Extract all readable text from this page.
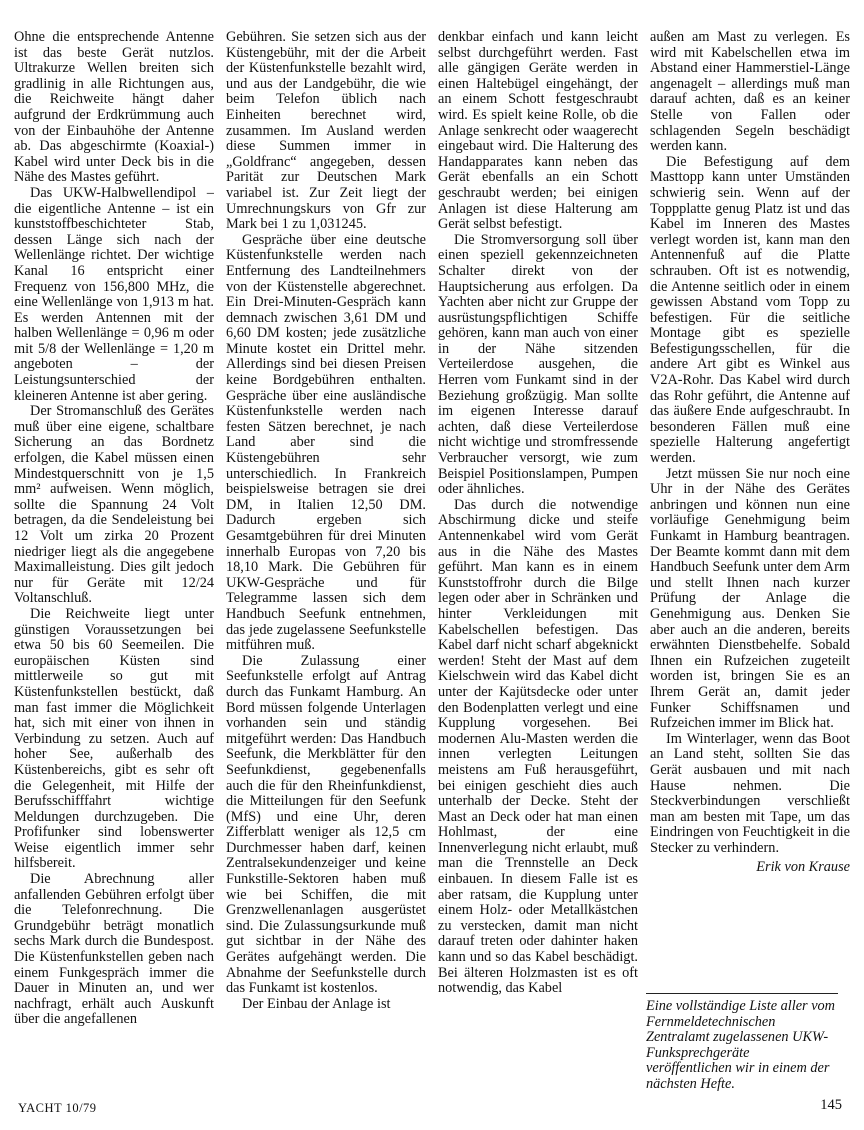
Ohne die entsprechende Antenne ist das beste Gerät nutzlos. Ultrakurze Wellen breiten sich gradlinig in alle Richtungen aus, die Reichweite hängt daher aufgrund der Erdkrümmung auch von der Einbauhöhe der Antenne ab. Das abgeschirmte (Koaxial-) Kabel wird unter Deck bis in die Nähe des Mastes geführt.

Das UKW-Halbwellendipol – die eigentliche Antenne – ist ein kunststoffbeschichteter Stab, dessen Länge sich nach der Wellenlänge richtet. Der wichtige Kanal 16 entspricht einer Frequenz von 156,800 MHz, die eine Wellenlänge von 1,913 m hat. Es werden Antennen mit der halben Wellenlänge = 0,96 m oder mit 5/8 der Wellenlänge = 1,20 m angeboten – der Leistungsunterschied der kleineren Antenne ist aber gering.

Der Stromanschluß des Gerätes muß über eine eigene, schaltbare Sicherung an das Bordnetz erfolgen, die Kabel müssen einen Mindestquerschnitt von je 1,5 mm² aufweisen. Wenn möglich, sollte die Spannung 24 Volt betragen, da die Sendeleistung bei 12 Volt um zirka 20 Prozent niedriger liegt als die angegebene Maximalleistung. Dies gilt jedoch nur für Geräte mit 12/24 Voltanschluß.

Die Reichweite liegt unter günstigen Voraussetzungen bei etwa 50 bis 60 Seemeilen. Die europäischen Küsten sind mittlerweile so gut mit Küstenfunkstellen bestückt, daß man fast immer die Möglichkeit hat, sich mit einer von ihnen in Verbindung zu setzen. Auch auf hoher See, außerhalb des Küstenbereichs, gibt es sehr oft die Gelegenheit, mit Hilfe der Berufsschifffahrt wichtige Meldungen durchzugeben. Die Profifunker sind lobenswerter Weise eigentlich immer sehr hilfsbereit.

Die Abrechnung aller anfallenden Gebühren erfolgt über die Telefonrechnung. Die Grundgebühr beträgt monatlich sechs Mark durch die Bundespost. Die Küstenfunkstellen geben nach einem Funkgespräch immer die Dauer in Minuten an, und wer nachfragt, erhält auch Auskunft über die angefallenen

Gebühren. Sie setzen sich aus der Küstengebühr, mit der die Arbeit der Küstenfunkstelle bezahlt wird, und aus der Landgebühr, die wie beim Telefon üblich nach Einheiten berechnet wird, zusammen. Im Ausland werden diese Summen immer in „Goldfranc“ angegeben, dessen Parität zur Deutschen Mark variabel ist. Zur Zeit liegt der Umrechnungskurs von Gfr zur Mark bei 1 zu 1,031245.

Gespräche über eine deutsche Küstenfunkstelle werden nach Entfernung des Landteilnehmers von der Küstenstelle abgerechnet. Ein Drei-Minuten-Gespräch kann demnach zwischen 3,61 DM und 6,60 DM kosten; jede zusätzliche Minute kostet ein Drittel mehr. Allerdings sind bei diesen Preisen keine Bordgebühren enthalten. Gespräche über eine ausländische Küstenfunkstelle werden nach festen Sätzen berechnet, je nach Land aber sind die Küstengebühren sehr unterschiedlich. In Frankreich beispielsweise betragen sie drei DM, in Italien 12,50 DM. Dadurch ergeben sich Gesamtgebühren für drei Minuten innerhalb Europas von 7,20 bis 18,10 Mark. Die Gebühren für UKW-Gespräche und für Telegramme lassen sich dem Handbuch Seefunk entnehmen, das jede zugelassene Seefunkstelle mitführen muß.

Die Zulassung einer Seefunkstelle erfolgt auf Antrag durch das Funkamt Hamburg. An Bord müssen folgende Unterlagen vorhanden sein und ständig mitgeführt werden: Das Handbuch Seefunk, die Merkblätter für den Seefunkdienst, gegebenenfalls auch die für den Rheinfunkdienst, die Mitteilungen für den Seefunk (MfS) und eine Uhr, deren Zifferblatt weniger als 12,5 cm Durchmesser haben darf, keinen Zentralsekundenzeiger und keine Funkstille-Sektoren haben muß wie bei Schiffen, die mit Grenzwellenanlagen ausgerüstet sind. Die Zulassungsurkunde muß gut sichtbar in der Nähe des Gerätes aufgehängt werden. Die Abnahme der Seefunkstelle durch das Funkamt ist kostenlos.

Der Einbau der Anlage ist

denkbar einfach und kann leicht selbst durchgeführt werden. Fast alle gängigen Geräte werden in einen Haltebügel eingehängt, der an einem Schott festgeschraubt wird. Es spielt keine Rolle, ob die Anlage senkrecht oder waagerecht eingebaut wird. Die Halterung des Handapparates kann neben das Gerät ebenfalls an ein Schott geschraubt werden; bei einigen Anlagen ist diese Halterung am Gerät selbst befestigt.

Die Stromversorgung soll über einen speziell gekennzeichneten Schalter direkt von der Hauptsicherung aus erfolgen. Da Yachten aber nicht zur Gruppe der ausrüstungspflichtigen Schiffe gehören, kann man auch von einer in der Nähe sitzenden Verteilerdose ausgehen, die Herren vom Funkamt sind in der Beziehung großzügig. Man sollte im eigenen Interesse darauf achten, daß diese Verteilerdose nicht wichtige und stromfressende Verbraucher versorgt, wie zum Beispiel Positionslampen, Pumpen oder ähnliches.

Das durch die notwendige Abschirmung dicke und steife Antennenkabel wird vom Gerät aus in die Nähe des Mastes geführt. Man kann es in einem Kunststoffrohr durch die Bilge legen oder aber in Schränken und hinter Verkleidungen mit Kabelschellen befestigen. Das Kabel darf nicht scharf abgeknickt werden! Steht der Mast auf dem Kielschwein wird das Kabel dicht unter der Kajütsdecke oder unter den Bodenplatten verlegt und eine Kupplung vorgesehen. Bei modernen Alu-Masten werden die innen verlegten Leitungen meistens am Fuß herausgeführt, bei einigen geschieht dies auch unterhalb der Decke. Steht der Mast an Deck oder hat man einen Hohlmast, der eine Innenverlegung nicht erlaubt, muß man die Trennstelle an Deck einbauen. In diesem Falle ist es aber ratsam, die Kupplung unter einem Holz- oder Metallkästchen zu verstecken, damit man nicht darauf treten oder dahinter haken kann und so das Kabel beschädigt. Bei älteren Holzmasten ist es oft notwendig, das Kabel

außen am Mast zu verlegen. Es wird mit Kabelschellen etwa im Abstand einer Hammerstiel-Länge angenagelt – allerdings muß man darauf achten, daß es an keiner Stelle von Fallen oder schlagenden Segeln beschädigt werden kann.

Die Befestigung auf dem Masttopp kann unter Umständen schwierig sein. Wenn auf der Toppplatte genug Platz ist und das Kabel im Inneren des Mastes verlegt worden ist, kann man den Antennenfuß auf die Platte schrauben. Oft ist es notwendig, die Antenne seitlich oder in einem gewissen Abstand vom Topp zu befestigen. Für die seitliche Montage gibt es spezielle Befestigungsschellen, für die andere Art gibt es Winkel aus V2A-Rohr. Das Kabel wird durch das Rohr geführt, die Antenne auf das äußere Ende aufgeschraubt. In besonderen Fällen muß eine spezielle Halterung angefertigt werden.

Jetzt müssen Sie nur noch eine Uhr in der Nähe des Gerätes anbringen und können nun eine vorläufige Genehmigung beim Funkamt in Hamburg beantragen. Der Beamte kommt dann mit dem Handbuch Seefunk unter dem Arm und stellt Ihnen nach kurzer Prüfung der Anlage die Genehmigung aus. Denken Sie aber auch an die anderen, bereits erwähnten Dienstbehelfe. Sobald Ihnen ein Rufzeichen zugeteilt worden ist, bringen Sie es an Ihrem Gerät an, damit jeder Funker Schiffsnamen und Rufzeichen immer im Blick hat.

Im Winterlager, wenn das Boot an Land steht, sollten Sie das Gerät ausbauen und mit nach Hause nehmen. Die Steckverbindungen verschließt man am besten mit Tape, um das Eindringen von Feuchtigkeit in die Stecker zu verhindern.

Erik von Krause
Eine vollständige Liste aller vom Fernmeldetechnischen Zentralamt zugelassenen UKW-Funksprechgeräte veröffentlichen wir in einem der nächsten Hefte.
YACHT 10/79	145
